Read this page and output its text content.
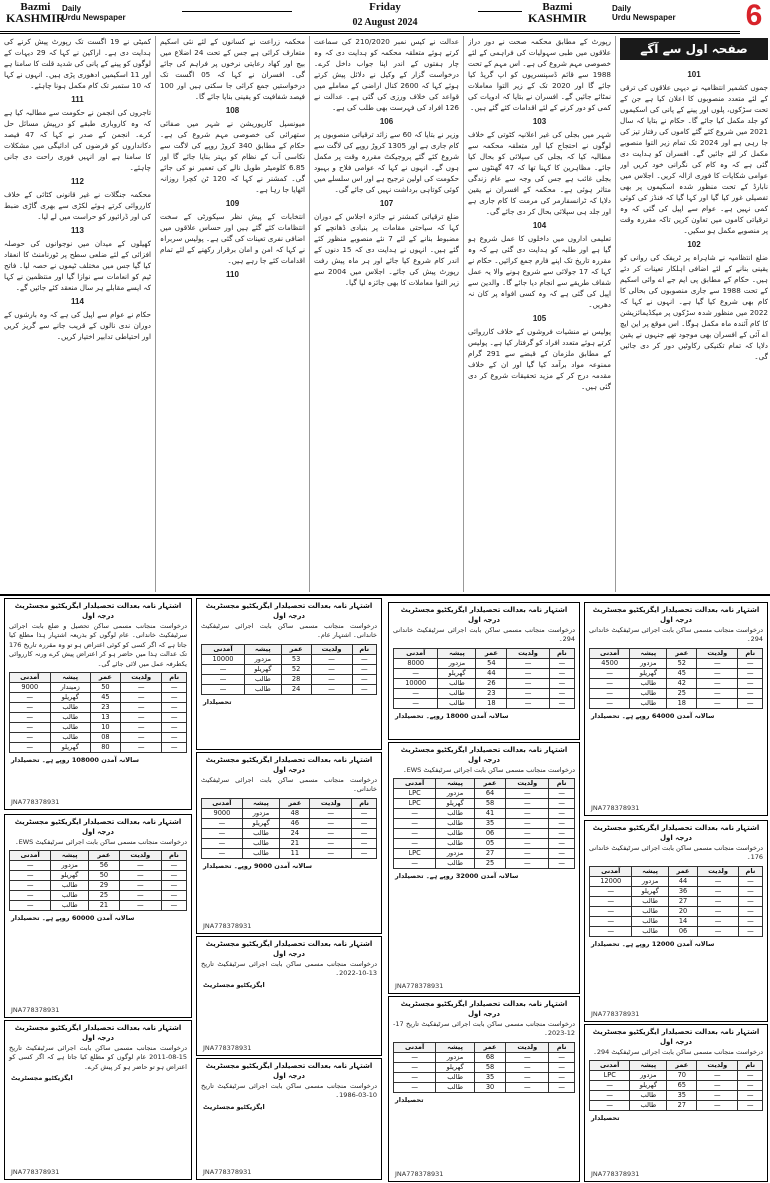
Bazmi
KASHMIR
Daily
Urdu Newspaper
Friday
02 August 2024
Bazmi
KASHMIR
Daily
Urdu Newspaper 6
صفحہ اول سے آگے
101

جموں کشمیر انتظامیہ نے دیہی علاقوں کی ترقی کے لئے متعدد منصوبوں کا اعلان کیا ہے جن کے تحت سڑکوں، پلوں اور پینے کے پانی کی اسکیموں کو جلد مکمل کیا جائے گا۔ حکام نے بتایا کہ سال 2021 میں شروع کئے گئے کاموں کی رفتار تیز کی جا رہی ہے اور 2024 تک تمام زیر التوا منصوبے مکمل کر لئے جائیں گے۔ افسران کو ہدایت دی گئی ہے کہ وہ کام کی نگرانی خود کریں اور عوامی شکایات کا فوری ازالہ کریں۔ اجلاس میں نابارڈ کے تحت منظور شدہ اسکیموں پر بھی تفصیلی غور کیا گیا اور کہا گیا کہ فنڈز کی کوئی کمی نہیں ہے۔ عوام سے اپیل کی گئی کہ وہ ترقیاتی کاموں میں تعاون کریں تاکہ مقررہ وقت پر منصوبے مکمل ہو سکیں۔

102

ضلع انتظامیہ نے شاہراہ پر ٹریفک کی روانی کو یقینی بنانے کے لئے اضافی اہلکار تعینات کر دئے ہیں۔ حکام کے مطابق پی ایم جے اے وائی اسکیم کے تحت 1988 سے جاری منصوبوں کی بحالی کا کام بھی شروع کیا گیا ہے۔ انہوں نے کہا کہ 2022 میں منظور شدہ سڑکوں پر میکڈیمائزیشن کا کام آئندہ ماہ مکمل ہوگا۔ اس موقع پر این ایچ اے آئی کے افسران بھی موجود تھے جنہوں نے یقین دلایا کہ تمام تکنیکی رکاوٹیں دور کر دی جائیں گی۔

رپورٹ کے مطابق محکمہ صحت نے دور دراز علاقوں میں طبی سہولیات کی فراہمی کے لئے خصوصی مہم شروع کی ہے۔ اس مہم کے تحت 1988 سے قائم ڈسپنسریوں کو اپ گریڈ کیا جائے گا اور 2020 تک کے زیر التوا معاملات نمٹائے جائیں گے۔ افسران نے بتایا کہ ادویات کی کمی کو دور کرنے کے لئے اقدامات کئے گئے ہیں۔

103

شہر میں بجلی کی غیر اعلانیہ کٹوتی کے خلاف لوگوں نے احتجاج کیا اور متعلقہ محکمہ سے مطالبہ کیا کہ بجلی کی سپلائی کو بحال کیا جائے۔ مظاہرین کا کہنا تھا کہ 47 گھنٹوں سے بجلی غائب ہے جس کی وجہ سے عام زندگی متاثر ہوئی ہے۔ محکمہ کے افسران نے یقین دلایا کہ ٹرانسفارمر کی مرمت کا کام جاری ہے اور جلد ہی سپلائی بحال کر دی جائے گی۔

104

تعلیمی اداروں میں داخلوں کا عمل شروع ہو گیا ہے اور طلبہ کو ہدایت دی گئی ہے کہ وہ مقررہ تاریخ تک اپنے فارم جمع کرائیں۔ حکام نے کہا کہ 17 جولائی سے شروع ہونے والا یہ عمل شفاف طریقے سے انجام دیا جائے گا۔ والدین سے اپیل کی گئی ہے کہ وہ کسی افواہ پر کان نہ دھریں۔

105

پولیس نے منشیات فروشوں کے خلاف کارروائی کرتے ہوئے متعدد افراد کو گرفتار کیا ہے۔ پولیس کے مطابق ملزمان کے قبضے سے 291 گرام ممنوعہ مواد برآمد کیا گیا اور ان کے خلاف مقدمہ درج کر کے مزید تحقیقات شروع کر دی گئی ہیں۔

عدالت نے کیس نمبر 210/2020 کی سماعت کرتے ہوئے متعلقہ محکمہ کو ہدایت دی کہ وہ چار ہفتوں کے اندر اپنا جواب داخل کرے۔ درخواست گزار کے وکیل نے دلائل پیش کرتے ہوئے کہا کہ 2600 کنال اراضی کے معاملے میں قواعد کی خلاف ورزی کی گئی ہے۔ عدالت نے 126 افراد کی فہرست بھی طلب کی ہے۔

106

وزیر نے بتایا کہ 60 سے زائد ترقیاتی منصوبوں پر کام جاری ہے اور 1305 کروڑ روپے کی لاگت سے شروع کئے گئے پروجیکٹ مقررہ وقت پر مکمل ہوں گے۔ انہوں نے کہا کہ عوامی فلاح و بہبود حکومت کی اولین ترجیح ہے اور اس سلسلے میں کوئی کوتاہی برداشت نہیں کی جائے گی۔

107

ضلع ترقیاتی کمشنر نے جائزہ اجلاس کے دوران کہا کہ سیاحتی مقامات پر بنیادی ڈھانچے کو مضبوط بنانے کے لئے 7 نئے منصوبے منظور کئے گئے ہیں۔ انہوں نے ہدایت دی کہ 15 دنوں کے اندر کام شروع کیا جائے اور ہر ماہ پیش رفت رپورٹ پیش کی جائے۔ اجلاس میں 2004 سے زیر التوا معاملات کا بھی جائزہ لیا گیا۔

محکمہ زراعت نے کسانوں کے لئے نئی اسکیم متعارف کرائی ہے جس کے تحت 24 اضلاع میں بیج اور کھاد رعایتی نرخوں پر فراہم کی جائے گی۔ افسران نے کہا کہ 05 اگست تک درخواستیں جمع کرائی جا سکتی ہیں اور 100 فیصد شفافیت کو یقینی بنایا جائے گا۔

108

میونسپل کارپوریشن نے شہر میں صفائی ستھرائی کی خصوصی مہم شروع کی ہے۔ حکام کے مطابق 340 کروڑ روپے کی لاگت سے نکاسی آب کے نظام کو بہتر بنایا جائے گا اور 6.85 کلومیٹر طویل نالے کی تعمیر نو کی جائے گی۔ کمشنر نے کہا کہ 120 ٹن کچرا روزانہ اٹھایا جا رہا ہے۔

109

انتخابات کے پیش نظر سیکورٹی کے سخت انتظامات کئے گئے ہیں اور حساس علاقوں میں اضافی نفری تعینات کی گئی ہے۔ پولیس سربراہ نے کہا کہ امن و امان برقرار رکھنے کے لئے تمام اقدامات کئے جا رہے ہیں۔

110

کمیٹی نے 19 اگست تک رپورٹ پیش کرنے کی ہدایت دی ہے۔ اراکین نے کہا کہ 29 دیہات کے لوگوں کو پینے کے پانی کی شدید قلت کا سامنا ہے اور 11 اسکیمیں ادھوری پڑی ہیں۔ انہوں نے کہا کہ 10 ستمبر تک کام مکمل ہونا چاہئے۔

111

تاجروں کی انجمن نے حکومت سے مطالبہ کیا ہے کہ وہ کاروباری طبقے کو درپیش مسائل حل کرے۔ انجمن کے صدر نے کہا کہ 47 فیصد دکانداروں کو قرضوں کی ادائیگی میں مشکلات کا سامنا ہے اور انہیں فوری راحت دی جانی چاہئے۔

112

محکمہ جنگلات نے غیر قانونی کٹائی کے خلاف کارروائی کرتے ہوئے لکڑی سے بھری گاڑی ضبط کی اور ڈرائیور کو حراست میں لے لیا۔

113

کھیلوں کے میدان میں نوجوانوں کی حوصلہ افزائی کے لئے ضلعی سطح پر ٹورنامنٹ کا انعقاد کیا گیا جس میں مختلف ٹیموں نے حصہ لیا۔ فاتح ٹیم کو انعامات سے نوازا گیا اور منتظمین نے کہا کہ ایسے مقابلے ہر سال منعقد کئے جائیں گے۔

114

حکام نے عوام سے اپیل کی ہے کہ وہ بارشوں کے دوران ندی نالوں کے قریب جانے سے گریز کریں اور احتیاطی تدابیر اختیار کریں۔

اشتہار نامہ بعدالت تحصیلدار ایگزیکٹیو مجسٹریٹ درجہ اول
درخواست منجانب مسمی ساکن تحصیل و ضلع بابت اجرائی سرٹیفکیٹ خاندانی۔ عام لوگوں کو بذریعہ اشتہار ہذا مطلع کیا جاتا ہے کہ اگر کسی کو کوئی اعتراض ہو تو وہ مقررہ تاریخ 176 تک عدالت ہذا میں حاضر ہو کر اعتراض پیش کرے ورنہ کارروائی یکطرفہ عمل میں لائی جائے گی۔
نام	ولدیت	عمر	پیشہ	آمدنی
—	—	50	زمیندار	9000
—	—	45	گھریلو	—
—	—	23	طالب	—
—	—	13	طالب	—
—	—	10	طالب	—
—	—	08	طالب	—
—	—	80	گھریلو	—
سالانہ آمدن 108000 روپے ہے۔ تحصیلدار
JNA778378931
اشتہار نامہ بعدالت تحصیلدار ایگزیکٹیو مجسٹریٹ درجہ اول
درخواست منجانب مسمی ساکن بابت اجرائی سرٹیفکیٹ خاندانی۔ اشتہار عام۔
نام	ولدیت	عمر	پیشہ	آمدنی
—	—	53	مزدور	10000
—	—	52	گھریلو	—
—	—	28	طالب	—
—	—	24	طالب	—
تحصیلدار
اشتہار نامہ بعدالت تحصیلدار ایگزیکٹیو مجسٹریٹ درجہ اول
درخواست منجانب مسمی ساکن بابت اجرائی سرٹیفکیٹ خاندانی 294۔
نام	ولدیت	عمر	پیشہ	آمدنی
—	—	54	مزدور	8000
—	—	44	گھریلو	—
—	—	26	طالب	10000
—	—	23	طالب	—
—	—	18	طالب	—
سالانہ آمدن 18000 روپے۔ تحصیلدار
اشتہار نامہ بعدالت تحصیلدار ایگزیکٹیو مجسٹریٹ درجہ اول
درخواست منجانب مسمی ساکن بابت اجرائی سرٹیفکیٹ خاندانی 294۔
نام	ولدیت	عمر	پیشہ	آمدنی
—	—	52	مزدور	4500
—	—	45	گھریلو	—
—	—	42	طالب	—
—	—	25	طالب	—
—	—	18	طالب	—
سالانہ آمدن 64000 روپے ہے۔ تحصیلدار
JNA778378931
اشتہار نامہ بعدالت تحصیلدار ایگزیکٹیو مجسٹریٹ درجہ اول
درخواست منجانب مسمی ساکن بابت اجرائی سرٹیفکیٹ EWS۔
نام	ولدیت	عمر	پیشہ	آمدنی
—	—	56	مزدور	—
—	—	50	گھریلو	—
—	—	29	طالب	—
—	—	25	طالب	—
—	—	21	طالب	—
سالانہ آمدن 60000 روپے ہے۔ تحصیلدار
JNA778378931
اشتہار نامہ بعدالت تحصیلدار ایگزیکٹیو مجسٹریٹ درجہ اول
درخواست منجانب مسمی ساکن بابت اجرائی سرٹیفکیٹ خاندانی۔
نام	ولدیت	عمر	پیشہ	آمدنی
—	—	48	مزدور	9000
—	—	46	گھریلو	—
—	—	24	طالب	—
—	—	21	طالب	—
—	—	11	طالب	—
سالانہ آمدن 9000 روپے۔ تحصیلدار
JNA778378931
اشتہار نامہ بعدالت تحصیلدار ایگزیکٹیو مجسٹریٹ درجہ اول
درخواست منجانب مسمی ساکن بابت اجرائی سرٹیفکیٹ EWS۔
نام	ولدیت	عمر	پیشہ	آمدنی
—	—	64	مزدور	LPC
—	—	58	گھریلو	LPC
—	—	41	طالب	—
—	—	35	طالب	—
—	—	06	طالب	—
—	—	05	طالب	—
—	—	27	مزدور	LPC
—	—	25	طالب	—
سالانہ آمدن 32000 روپے ہے۔ تحصیلدار
JNA778378931
اشتہار نامہ بعدالت تحصیلدار ایگزیکٹیو مجسٹریٹ درجہ اول
درخواست منجانب مسمی ساکن بابت اجرائی سرٹیفکیٹ خاندانی 176۔
نام	ولدیت	عمر	پیشہ	آمدنی
—	—	44	مزدور	12000
—	—	36	گھریلو	—
—	—	27	طالب	—
—	—	20	طالب	—
—	—	14	طالب	—
—	—	06	طالب	—
سالانہ آمدن 12000 روپے ہے۔ تحصیلدار
JNA778378931
اشتہار نامہ بعدالت تحصیلدار ایگزیکٹیو مجسٹریٹ درجہ اول
درخواست منجانب مسمی ساکن بابت اجرائی سرٹیفکیٹ تاریخ 13-10-2022۔
ایگزیکٹیو مجسٹریٹ
JNA778378931
اشتہار نامہ بعدالت تحصیلدار ایگزیکٹیو مجسٹریٹ درجہ اول
درخواست منجانب مسمی ساکن بابت اجرائی سرٹیفکیٹ تاریخ 17-12-2023۔
نام	ولدیت	عمر	پیشہ	آمدنی
—	—	68	مزدور	—
—	—	58	گھریلو	—
—	—	35	طالب	—
—	—	30	طالب	—
تحصیلدار
JNA778378931
اشتہار نامہ بعدالت تحصیلدار ایگزیکٹیو مجسٹریٹ درجہ اول
درخواست منجانب مسمی ساکن بابت اجرائی سرٹیفکیٹ 294۔
نام	ولدیت	عمر	پیشہ	آمدنی
—	—	70	مزدور	LPC
—	—	65	گھریلو	—
—	—	35	طالب	—
—	—	27	طالب	—
تحصیلدار
JNA778378931
اشتہار نامہ بعدالت تحصیلدار ایگزیکٹیو مجسٹریٹ درجہ اول
درخواست منجانب مسمی ساکن بابت اجرائی سرٹیفکیٹ تاریخ 15-08-2011 عام لوگوں کو مطلع کیا جاتا ہے کہ اگر کسی کو اعتراض ہو تو حاضر ہو کر پیش کرے۔
ایگزیکٹیو مجسٹریٹ
JNA778378931
اشتہار نامہ بعدالت تحصیلدار ایگزیکٹیو مجسٹریٹ درجہ اول
درخواست منجانب مسمی ساکن بابت اجرائی سرٹیفکیٹ تاریخ 10-03-1986۔
ایگزیکٹیو مجسٹریٹ
JNA778378931
